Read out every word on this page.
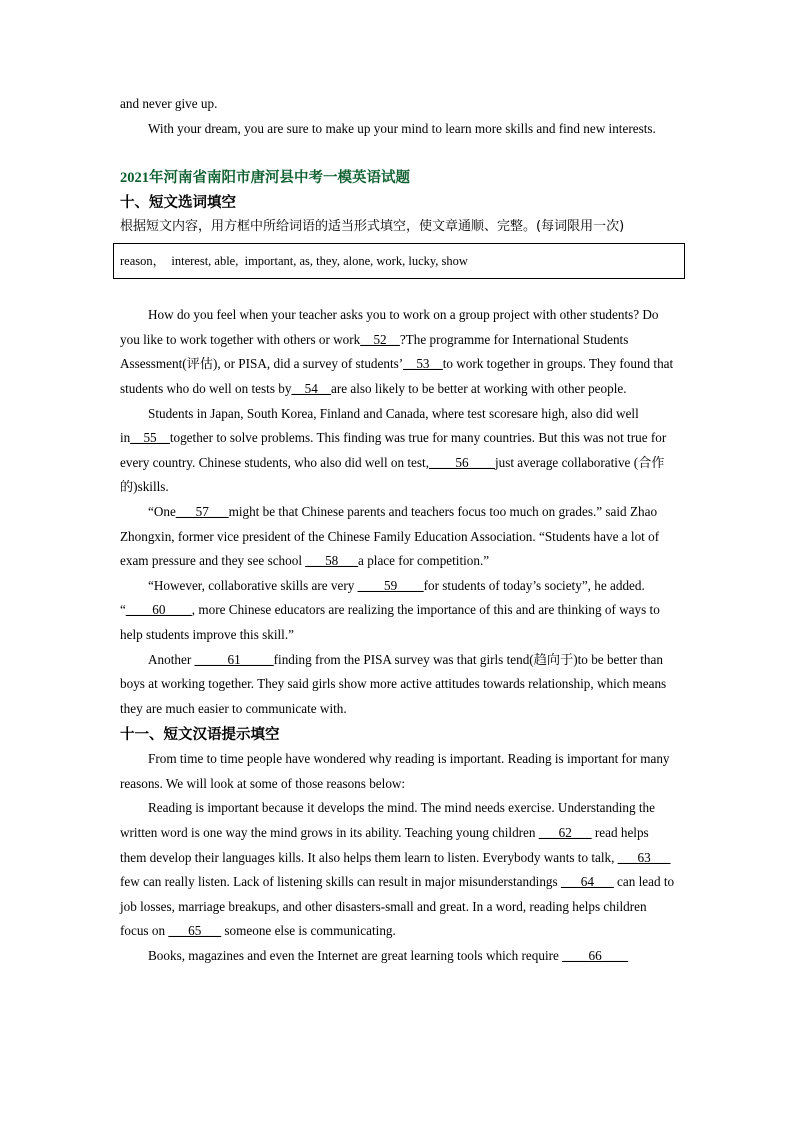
and never give up.

With your dream, you are sure to make up your mind to learn more skills and find new interests.

2021年河南省南阳市唐河县中考一模英语试题
十、短文选词填空
根据短文内容，用方框中所给词语的适当形式填空，使文章通顺、完整。(每词限用一次)
reason，  interest, able,  important, as, they, alone, work, lucky, show

How do you feel when your teacher asks you to work on a group project with other students? Do you like to work together with others or work__52__?The programme for International Students Assessment(评估), or PISA, did a survey of students’__53__to work together in groups. They found that students who do well on tests by__54__are also likely to be better at working with other people.

Students in Japan, South Korea, Finland and Canada, where test scoresare high, also did well in__55__together to solve problems. This finding was true for many countries. But this was not true for every country. Chinese students, who also did well on test,____56____just average collaborative (合作的)skills.

“One___57___might be that Chinese parents and teachers focus too much on grades.” said Zhao Zhongxin, former vice president of the Chinese Family Education Association. “Students have a lot of exam pressure and they see school ___58___a place for competition.”

“However, collaborative skills are very ____59____for students of today’s society”, he added. “____60____, more Chinese educators are realizing the importance of this and are thinking of ways to help students improve this skill.”

Another _____61_____finding from the PISA survey was that girls tend(趋向于)to be better than boys at working together. They said girls show more active attitudes towards relationship, which means they are much easier to communicate with.

十一、短文汉语提示填空

From time to time people have wondered why reading is important. Reading is important for many reasons. We will look at some of those reasons below:

Reading is important because it develops the mind. The mind needs exercise. Understanding the written word is one way the mind grows in its ability. Teaching young children ___62___ read helps them develop their languages kills. It also helps them learn to listen. Everybody wants to talk, ___63___ few can really listen. Lack of listening skills can result in major misunderstandings ___64___ can lead to job losses, marriage breakups, and other disasters-small and great. In a word, reading helps children focus on ___65___ someone else is communicating.

Books, magazines and even the Internet are great learning tools which require ____66____
